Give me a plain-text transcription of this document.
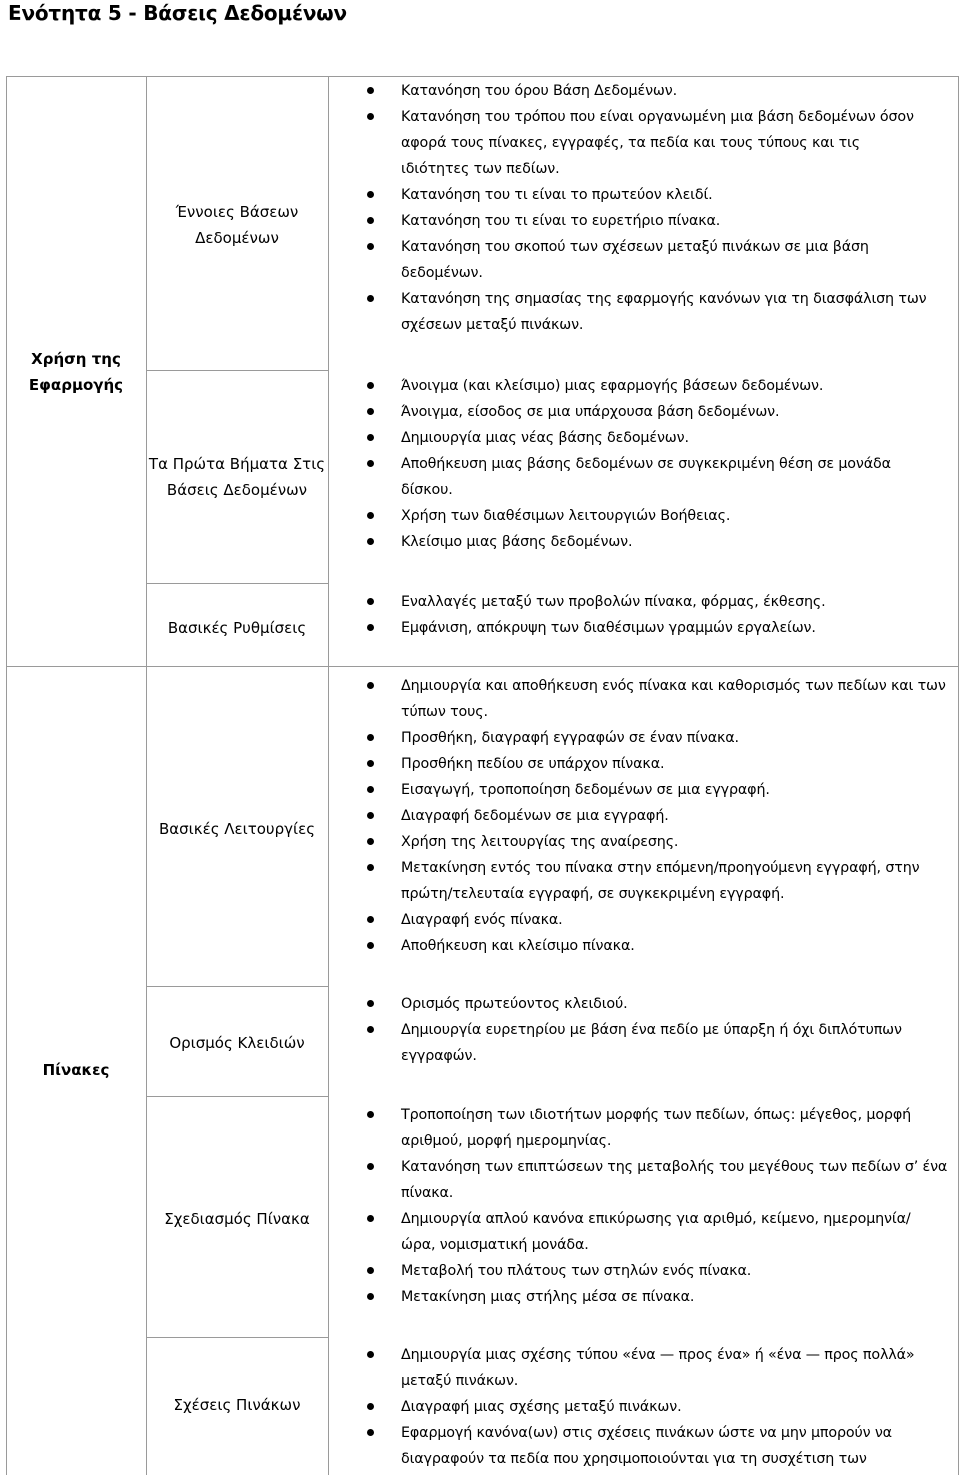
Ενότητα 5 - Βάσεις Δεδομένων
Χρήση της
Εφαρμογής
Πίνακες
Έννοιες Βάσεων
Δεδομένων
Τα Πρώτα Βήματα Στις
Βάσεις Δεδομένων
Βασικές Ρυθμίσεις
Βασικές Λειτουργίες
Ορισμός Κλειδιών
Σχεδιασμός Πίνακα
Σχέσεις Πινάκων
Κατανόηση του όρου Βάση Δεδομένων.
Κατανόηση του τρόπου που είναι οργανωμένη μια βάση δεδομένων όσον αφορά τους πίνακες, εγγραφές, τα πεδία και τους τύπους και τις ιδιότητες των πεδίων.
Κατανόηση του τι είναι το πρωτεύον κλειδί.
Κατανόηση του τι είναι το ευρετήριο πίνακα.
Κατανόηση του σκοπού των σχέσεων μεταξύ πινάκων σε μια βάση δεδομένων.
Κατανόηση της σημασίας της εφαρμογής κανόνων για τη διασφάλιση των σχέσεων μεταξύ πινάκων.
Άνοιγμα (και κλείσιμο) μιας εφαρμογής βάσεων δεδομένων.
Άνοιγμα, είσοδος σε μια υπάρχουσα βάση δεδομένων.
Δημιουργία μιας νέας βάσης δεδομένων.
Αποθήκευση μιας βάσης δεδομένων σε συγκεκριμένη θέση σε μονάδα δίσκου.
Χρήση των διαθέσιμων λειτουργιών Βοήθειας.
Κλείσιμο μιας βάσης δεδομένων.
Εναλλαγές μεταξύ των προβολών πίνακα, φόρμας, έκθεσης.
Εμφάνιση, απόκρυψη των διαθέσιμων γραμμών εργαλείων.
Δημιουργία και αποθήκευση ενός πίνακα και καθορισμός των πεδίων και των τύπων τους.
Προσθήκη, διαγραφή εγγραφών σε έναν πίνακα.
Προσθήκη πεδίου σε υπάρχον πίνακα.
Εισαγωγή, τροποποίηση δεδομένων σε μια εγγραφή.
Διαγραφή δεδομένων σε μια εγγραφή.
Χρήση της λειτουργίας της αναίρεσης.
Μετακίνηση εντός του πίνακα στην επόμενη/προηγούμενη εγγραφή, στην πρώτη/τελευταία εγγραφή, σε συγκεκριμένη εγγραφή.
Διαγραφή ενός πίνακα.
Αποθήκευση και κλείσιμο πίνακα.
Ορισμός πρωτεύοντος κλειδιού.
Δημιουργία ευρετηρίου με βάση ένα πεδίο με ύπαρξη ή όχι διπλότυπων εγγραφών.
Τροποποίηση των ιδιοτήτων μορφής των πεδίων, όπως: μέγεθος, μορφή αριθμού, μορφή ημερομηνίας.
Κατανόηση των επιπτώσεων της μεταβολής του μεγέθους των πεδίων σ’ ένα πίνακα.
Δημιουργία απλού κανόνα επικύρωσης για αριθμό, κείμενο, ημερομηνία/ώρα, νομισματική μονάδα.
Μεταβολή του πλάτους των στηλών ενός πίνακα.
Μετακίνηση μιας στήλης μέσα σε πίνακα.
Δημιουργία μιας σχέσης τύπου «ένα — προς ένα» ή «ένα — προς πολλά» μεταξύ πινάκων.
Διαγραφή μιας σχέσης μεταξύ πινάκων.
Εφαρμογή κανόνα(ων) στις σχέσεις πινάκων ώστε να μην μπορούν να διαγραφούν τα πεδία που χρησιμοποιούνται για τη συσχέτιση των
